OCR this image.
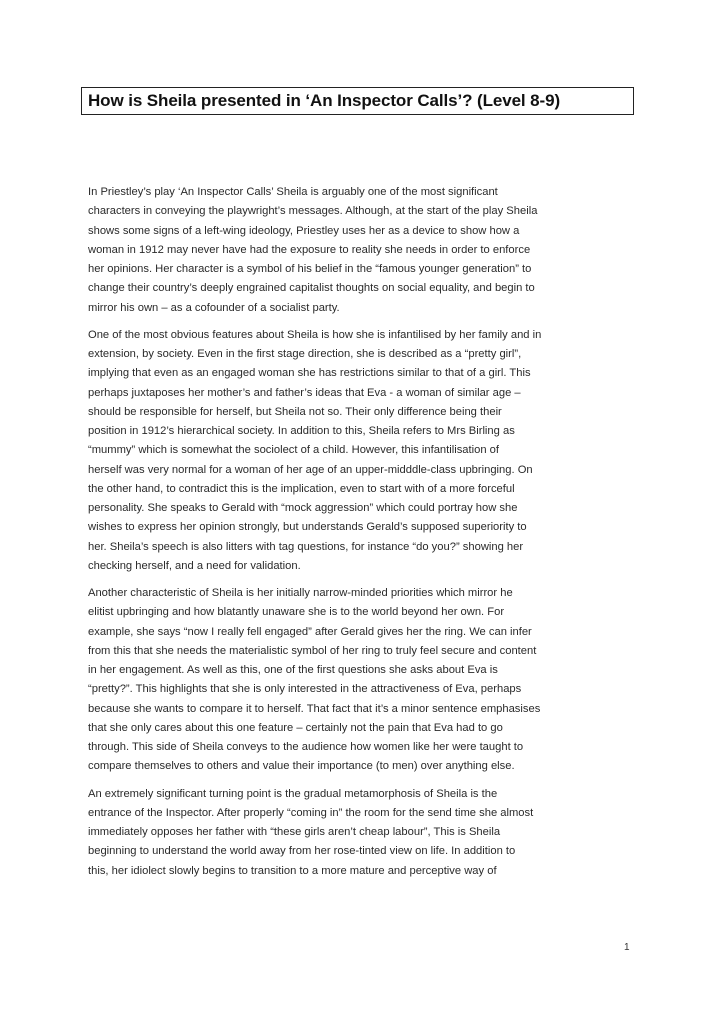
How is Sheila presented in ‘An Inspector Calls’? (Level 8-9)
In Priestley’s play ‘An Inspector Calls’ Sheila is arguably one of the most significant
characters in conveying the playwright’s messages. Although, at the start of the play Sheila
shows some signs of a left-wing ideology, Priestley uses her as a device to show how a
woman in 1912 may never have had the exposure to reality she needs in order to enforce
her opinions. Her character is a symbol of his belief in the “famous younger generation” to
change their country’s deeply engrained capitalist thoughts on social equality, and begin to
mirror his own – as a cofounder of a socialist party.
One of the most obvious features about Sheila is how she is infantilised by her family and in
extension, by society. Even in the first stage direction, she is described as a “pretty girl”,
implying that even as an engaged woman she has restrictions similar to that of a girl. This
perhaps juxtaposes her mother’s and father’s ideas that Eva - a woman of similar age –
should be responsible for herself, but Sheila not so. Their only difference being their
position in 1912’s hierarchical society. In addition to this, Sheila refers to Mrs Birling as
“mummy” which is somewhat the sociolect of a child. However, this infantilisation of
herself was very normal for a woman of her age of an upper-midddle-class upbringing. On
the other hand, to contradict this is the implication, even to start with of a more forceful
personality. She speaks to Gerald with “mock aggression” which could portray how she
wishes to express her opinion strongly, but understands Gerald’s supposed superiority to
her. Sheila’s speech is also litters with tag questions, for instance “do you?” showing her
checking herself, and a need for validation.
Another characteristic of Sheila is her initially narrow-minded priorities which mirror he
elitist upbringing and how blatantly unaware she is to the world beyond her own. For
example, she says “now I really fell engaged” after Gerald gives her the ring. We can infer
from this that she needs the materialistic symbol of her ring to truly feel secure and content
in her engagement. As well as this, one of the first questions she asks about Eva is
“pretty?”. This highlights that she is only interested in the attractiveness of Eva, perhaps
because she wants to compare it to herself. That fact that it’s a minor sentence emphasises
that she only cares about this one feature – certainly not the pain that Eva had to go
through. This side of Sheila conveys to the audience how women like her were taught to
compare themselves to others and value their importance (to men) over anything else.
An extremely significant turning point is the gradual metamorphosis of Sheila is the
entrance of the Inspector. After properly “coming in” the room for the send time she almost
immediately opposes her father with “these girls aren’t cheap labour”, This is Sheila
beginning to understand the world away from her rose-tinted view on life. In addition to
this, her idiolect slowly begins to transition to a more mature and perceptive way of
1
